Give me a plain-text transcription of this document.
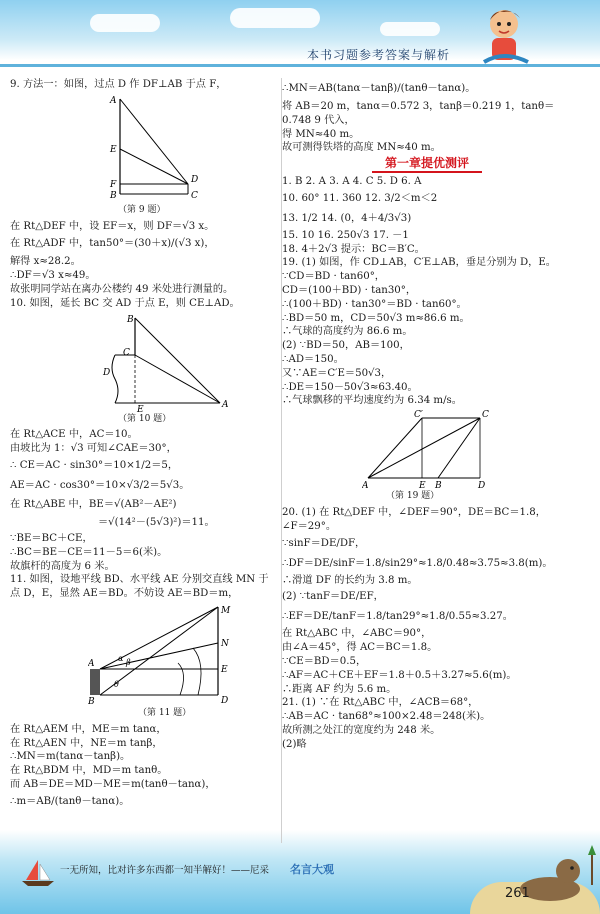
本书习题参考答案与解析
9. 方法一：如图，过点 D 作 DF⊥AB 于点 F，
A
E
B
F
C
D
（第 9 题）
在 Rt△DEF 中，设 EF＝x，则 DF＝√3 x。
在 Rt△ADF 中，tan50°＝(30＋x)/(√3 x)，
解得 x≈28.2。
∴DF＝√3 x≈49。
故张明同学站在离办公楼约 49 米处进行测量的。
10. 如图，延长 BC 交 AD 于点 E，则 CE⊥AD。
B
C
D
E	A
（第 10 题）
在 Rt△ACE 中，AC＝10。
由坡比为 1：√3 可知∠CAE＝30°，
∴ CE＝AC · sin30°＝10×1/2＝5，
AE＝AC · cos30°＝10×√3/2＝5√3。
在 Rt△ABE 中，BE＝√(AB²－AE²)
＝√(14²－(5√3)²)＝11。
∵BE＝BC＋CE，
∴BC＝BE－CE＝11－5＝6(米)。
故旗杆的高度为 6 米。
11. 如图，设地平线 BD、水平线 AE 分别交直线 MN 于
点 D，E，显然 AE＝BD。不妨设 AE＝BD＝m，
M
N
E
A
B	D
α β
θ
（第 11 题）
在 Rt△AEM 中，ME＝m tanα，
在 Rt△AEN 中，NE＝m tanβ，
∴MN＝m(tanα－tanβ)。
在 Rt△BDM 中，MD＝m tanθ。
而 AB＝DE＝MD－ME＝m(tanθ－tanα)，
∴m＝AB/(tanθ－tanα)。
∴MN＝AB(tanα－tanβ)/(tanθ－tanα)。
将 AB＝20 m，tanα＝0.572 3，tanβ＝0.219 1，tanθ＝
0.748 9 代入，
得 MN≈40 m。
故可测得铁塔的高度 MN≈40 m。
第一章提优测评
1. B 2. A 3. A 4. C 5. D 6. A
10. 60° 11. 360 12. 3/2＜m＜2
13. 1/2 14. (0，4＋4/3√3)
15. 10 16. 250√3 17. －1
18. 4＋2√3 提示：BC＝B′C。
19. (1) 如图，作 CD⊥AB，C′E⊥AB，垂足分别为 D，E。
∵CD＝BD · tan60°，
CD＝(100＋BD) · tan30°，
∴(100＋BD) · tan30°＝BD · tan60°。
∴BD＝50 m，CD＝50√3 m≈86.6 m。
∴气球的高度约为 86.6 m。
(2) ∵BD＝50，AB＝100，
∴AD＝150。
又∵AE＝C′E＝50√3，
∴DE＝150－50√3≈63.40。
∴气球飘移的平均速度约为 6.34 m/s。
C′	C
A	E B	D
（第 19 题）
20. (1) 在 Rt△DEF 中，∠DEF＝90°，DE＝BC＝1.8，
∠F＝29°。
∵sinF＝DE/DF，
∴DF＝DE/sinF＝1.8/sin29°≈1.8/0.48≈3.75≈3.8(m)。
∴滑道 DF 的长约为 3.8 m。
(2) ∵tanF＝DE/EF，
∴EF＝DE/tanF＝1.8/tan29°≈1.8/0.55≈3.27。
在 Rt△ABC 中，∠ABC＝90°，
由∠A＝45°，得 AC＝BC＝1.8。
∵CE＝BD＝0.5，
∴AF＝AC＋CE＋EF＝1.8＋0.5＋3.27≈5.6(m)。
∴距离 AF 约为 5.6 m。
21. (1) ∵在 Rt△ABC 中，∠ACB＝68°，
∴AB＝AC · tan68°≈100×2.48＝248(米)。
故所测之处江的宽度约为 248 米。
(2)略
一无所知，比对许多东西都一知半解好！——尼采 名言大观
261
